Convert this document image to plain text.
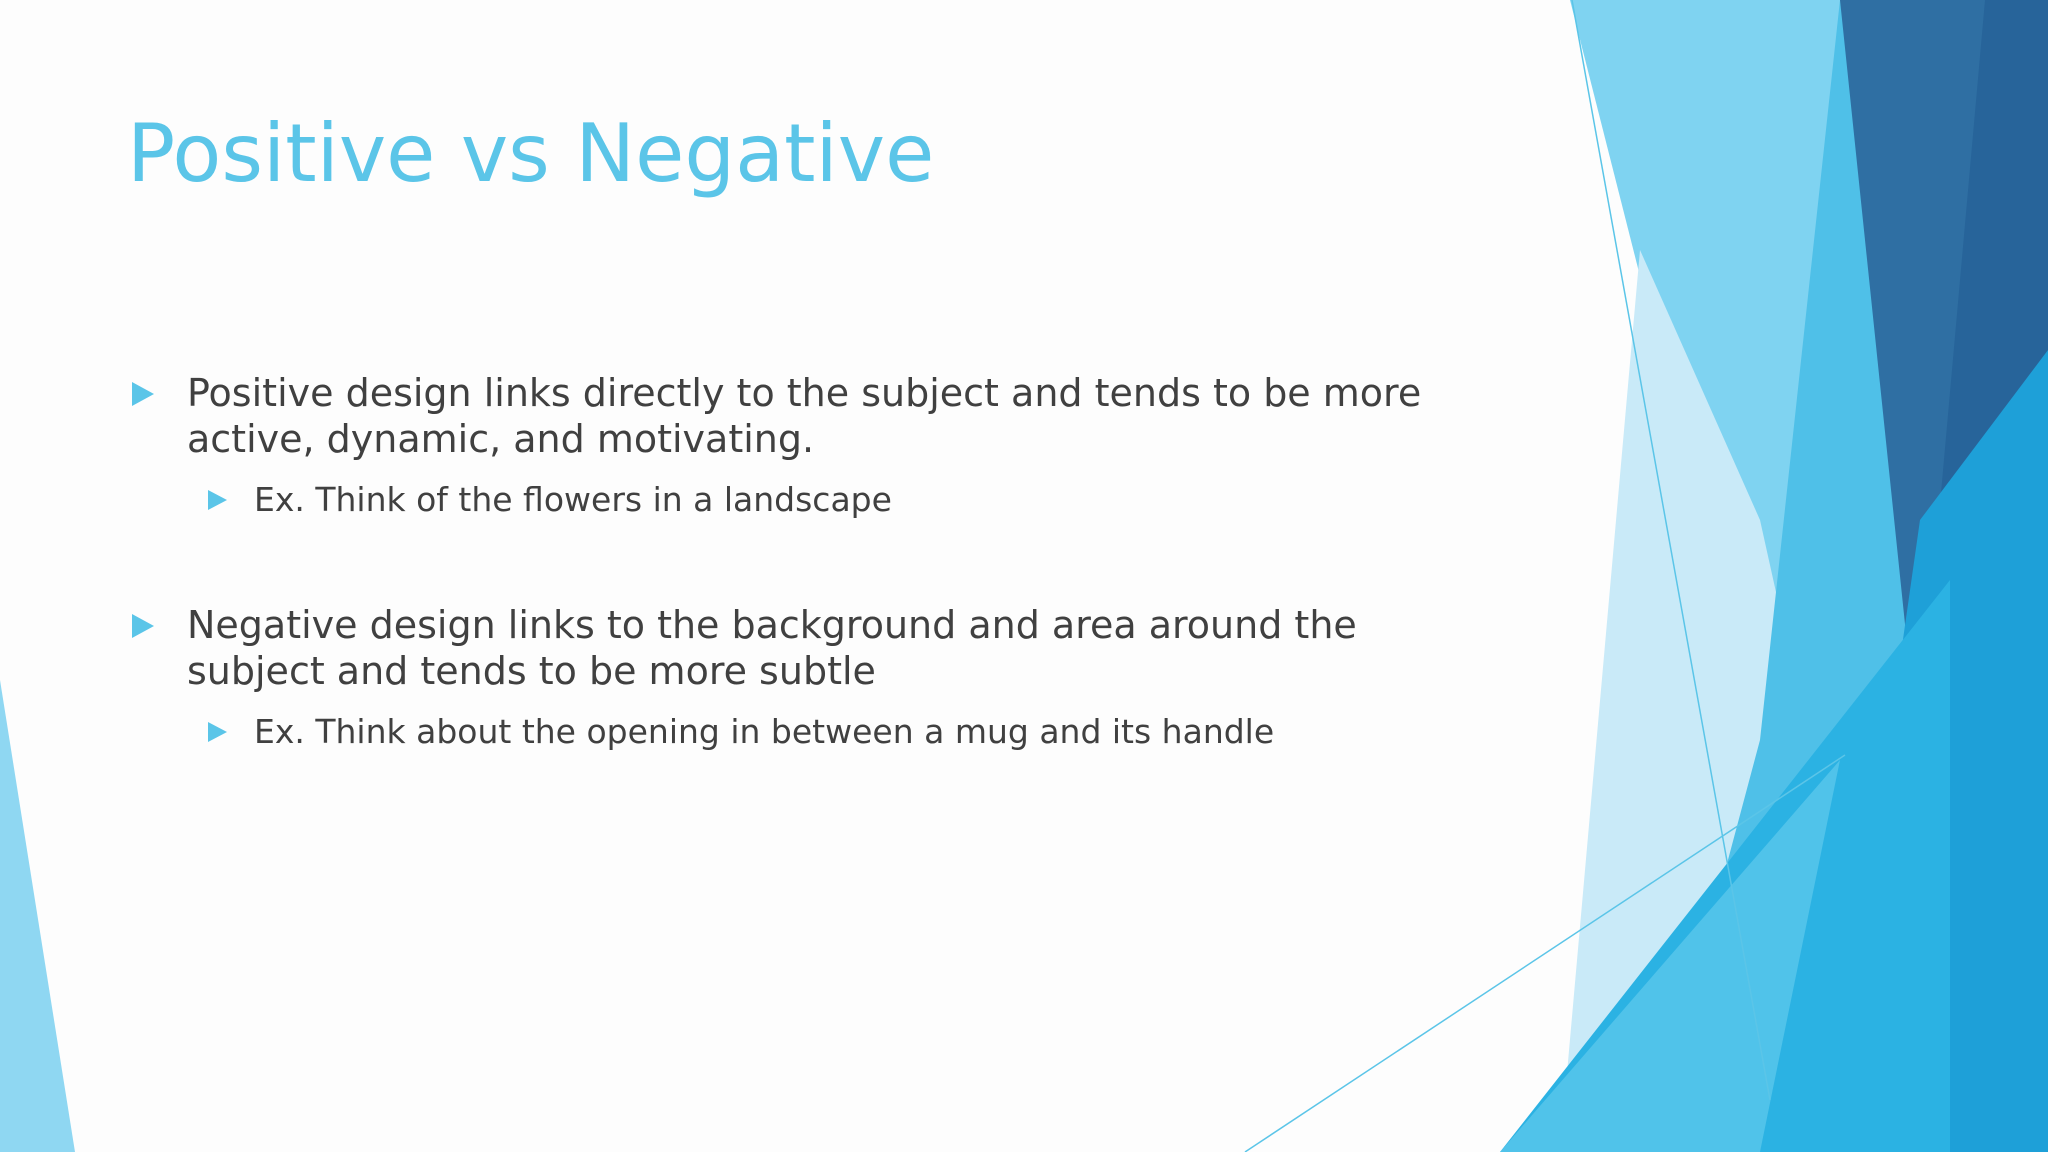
Positive vs Negative
Positive design links directly to the subject and tends to be more active, dynamic, and motivating.
Ex. Think of the flowers in a landscape
Negative design links to the background and area around the subject and tends to be more subtle
Ex. Think about the opening in between a mug and its handle
